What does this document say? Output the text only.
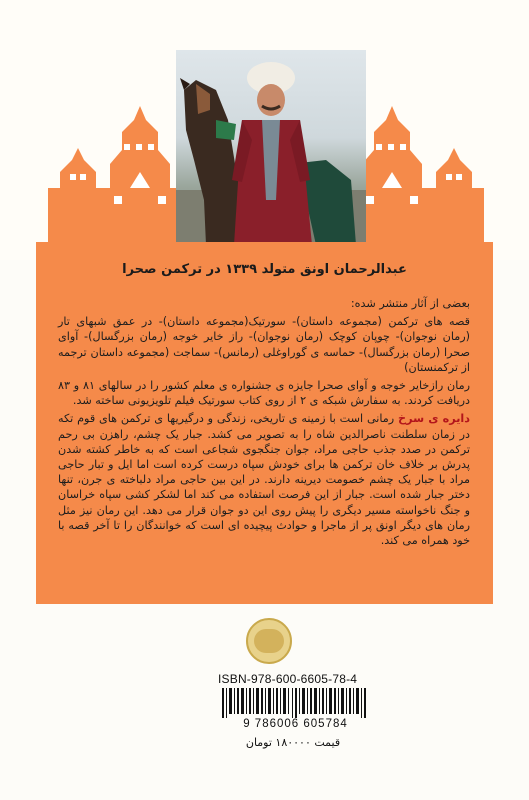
عبدالرحمان اونق متولد ۱۳۳۹ در ترکمن صحرا

بعضی از آثار منتشر شده:

قصه های ترکمن (مجموعه داستان)- سورتیک(مجموعه داستان)- در عمق شبهای تار (رمان نوجوان)- چوپان کوچک (رمان نوجوان)- راز خایر خوجه (رمان بزرگسال)- آوای صحرا (رمان بزرگسال)- حماسه ی گوراوغلی (رمانس)- سماجت (مجموعه داستان ترجمه از ترکمنستان)

رمان رازخایر خوجه و آوای صحرا جایزه ی جشنواره ی معلم کشور را در سالهای ۸۱ و ۸۳ دریافت کردند. به سفارش شبکه ی ۲ از روی کتاب سورتیک فیلم تلویزیونی ساخته شد.

دایره ی سرخ رمانی است با زمینه ی تاریخی، زندگی و درگیریها ی ترکمن های قوم تکه در زمان سلطنت ناصرالدین شاه را به تصویر می کشد. جبار یک چشم، راهزن بی رحم ترکمن در صدد جذب حاجی مراد، جوان جنگجوی شجاعی است که به خاطر کشته شدن پدرش بر خلاف خان ترکمن ها برای خودش سپاه درست کرده است اما ایل و تبار حاجی مراد با جبار یک چشم خصومت دیرینه دارند. در این بین حاجی مراد دلباخته ی جرن، تنها دختر جبار شده است. جبار از این فرصت استفاده می کند اما لشکر کشی سپاه خراسان و جنگ ناخواسته مسیر دیگری را پیش روی این دو جوان قرار می دهد. این رمان نیز مثل رمان های دیگر اونق پر از ماجرا و حوادث پیچیده ای است که خوانندگان را تا آخر قصه با خود همراه می کند.

ISBN-978-600-6605-78-4
9 786006 605784
قیمت ۱۸۰۰۰۰ تومان
